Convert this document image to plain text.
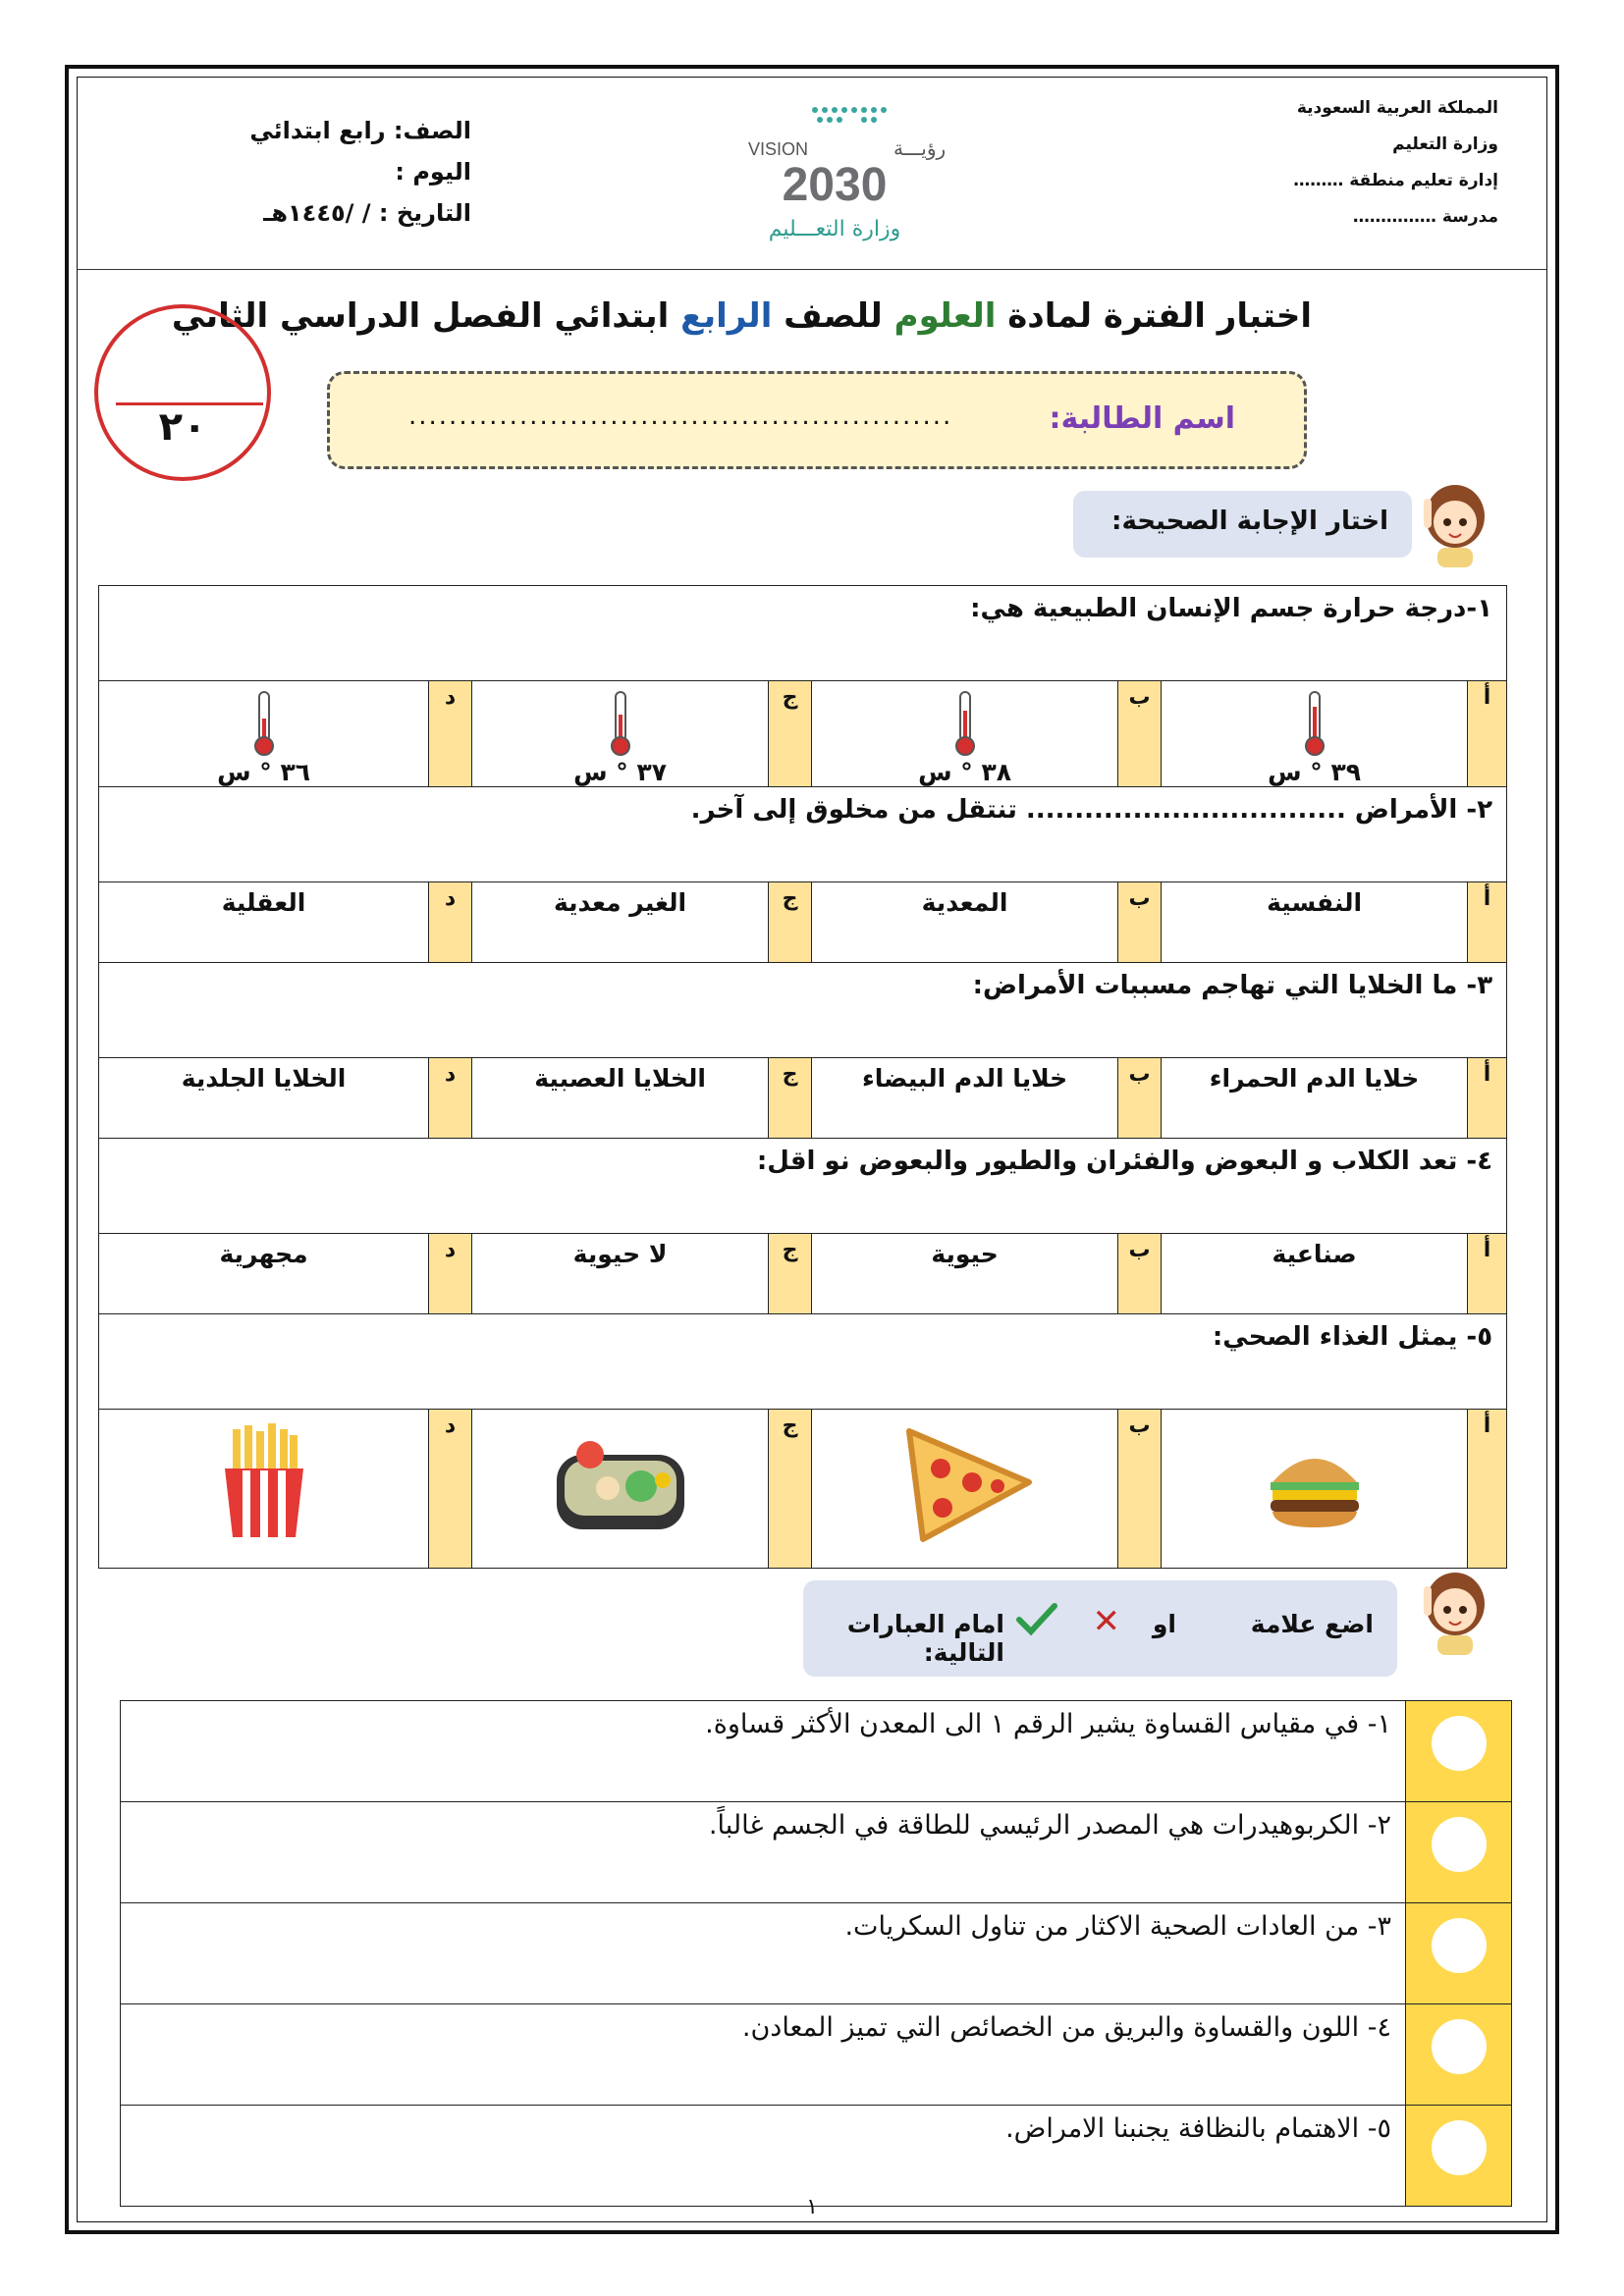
المملكة العربية السعودية
وزارة التعليم
إدارة تعليم منطقة ………
مدرسة ……………
الصف: رابع ابتدائي
اليوم :
التاريخ : / /١٤٤٥هـ
VISION	رؤيـــة
2030
وزارة التعـــليم
اختبار الفترة لمادة العلوم للصف الرابع ابتدائي الفصل الدراسي الثاني
٢٠	اسم الطالبة:
......................................................
اختار الإجابة الصحيحة:
١-درجة حرارة جسم الإنسان الطبيعية هي:							
أ	٣٩ ° س	ب	٣٨ ° س	ج	٣٧ ° س	د	٣٦ ° س

٢- الأمراض ................................. تنتقل من مخلوق إلى آخر.							
أ	النفسية	ب	المعدية	ج	الغير معدية	د	العقلية
٣- ما الخلايا التي تهاجم مسببات الأمراض:							
أ	خلايا الدم الحمراء	ب	خلايا الدم البيضاء	ج	الخلايا العصبية	د	الخلايا الجلدية
٤- تعد الكلاب و البعوض والفئران والطيور والبعوض نو اقل:							
أ	صناعية	ب	حيوية	ج	لا حيوية	د	مجهرية
٥- يمثل الغذاء الصحي:							
أ		ب		ج		د	
اضع علامة
او
✕
امام العبارات التالية:
	١- في مقياس القساوة يشير الرقم ١ الى المعدن الأكثر قساوة.

	٢- الكربوهيدرات هي المصدر الرئيسي للطاقة في الجسم غالباً.

	٣- من العادات الصحية الاكثار من تناول السكريات.

	٤- اللون والقساوة والبريق من الخصائص التي تميز المعادن.

	٥- الاهتمام بالنظافة يجنبنا الامراض.
١
